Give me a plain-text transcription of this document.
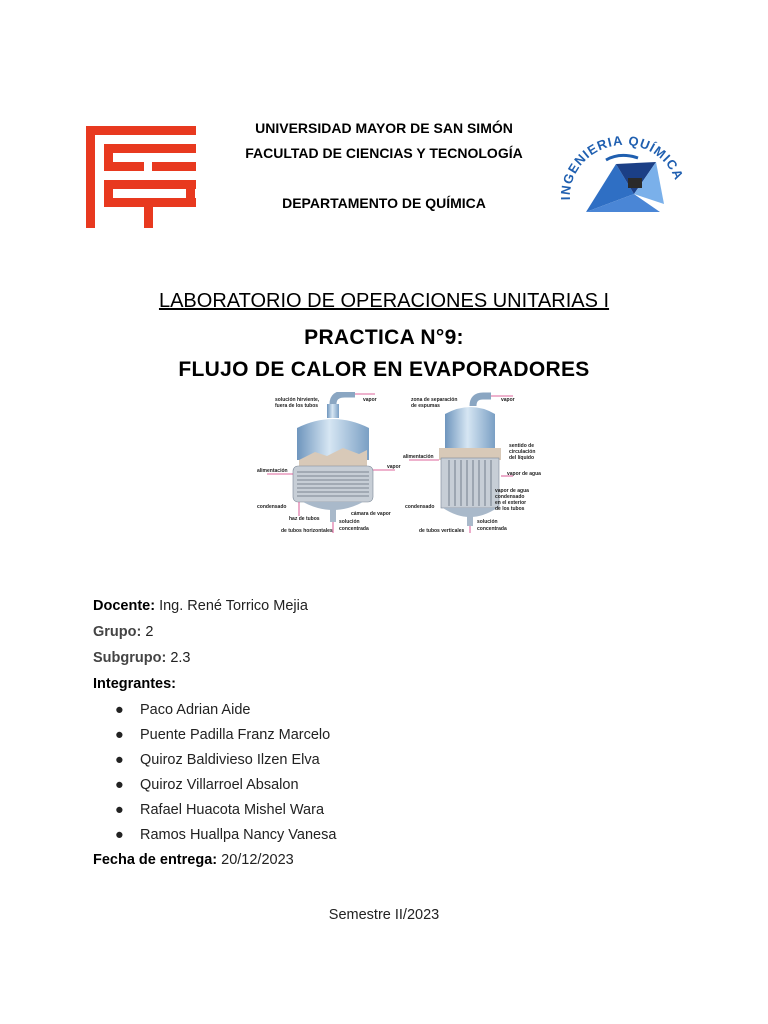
INGENIERIA QUÍMICA
UNIVERSIDAD MAYOR DE SAN SIMÓN
FACULTAD DE CIENCIAS Y TECNOLOGÍA
DEPARTAMENTO DE QUÍMICA
LABORATORIO DE OPERACIONES UNITARIAS I
PRACTICA N°9:
FLUJO DE CALOR EN EVAPORADORES
solución hirviente,
fuera de los tubos
vapor
alimentación
vapor
condensado
haz de tubos
de tubos horizontales
cámara de vapor
solución
concentrada
zona de separación
de espumas
vapor
sentido de
circulación
del líquido
alimentación
vapor de agua
vapor de agua
condensado
en el exterior
de los tubos
condensado
de tubos verticales
solución
concentrada
Docente: Ing. René Torrico Mejia
Grupo: 2
Subgrupo: 2.3
Integrantes:
● Paco Adrian Aide
● Puente Padilla Franz Marcelo
● Quiroz Baldivieso Ilzen Elva
● Quiroz Villarroel Absalon
● Rafael Huacota Mishel Wara
● Ramos Huallpa Nancy Vanesa
Fecha de entrega: 20/12/2023
Semestre II/2023
